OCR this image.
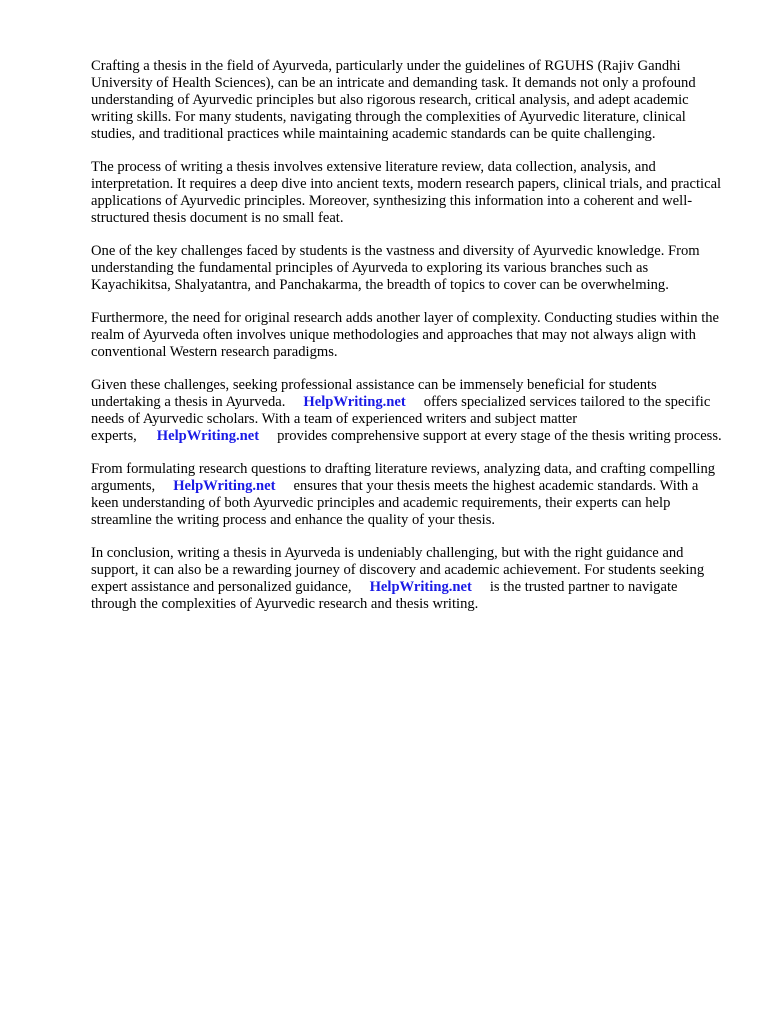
Crafting a thesis in the field of Ayurveda, particularly under the guidelines of RGUHS (Rajiv Gandhi University of Health Sciences), can be an intricate and demanding task. It demands not only a profound understanding of Ayurvedic principles but also rigorous research, critical analysis, and adept academic writing skills. For many students, navigating through the complexities of Ayurvedic literature, clinical studies, and traditional practices while maintaining academic standards can be quite challenging.

The process of writing a thesis involves extensive literature review, data collection, analysis, and interpretation. It requires a deep dive into ancient texts, modern research papers, clinical trials, and practical applications of Ayurvedic principles. Moreover, synthesizing this information into a coherent and well-structured thesis document is no small feat.

One of the key challenges faced by students is the vastness and diversity of Ayurvedic knowledge. From understanding the fundamental principles of Ayurveda to exploring its various branches such as Kayachikitsa, Shalyatantra, and Panchakarma, the breadth of topics to cover can be overwhelming.

Furthermore, the need for original research adds another layer of complexity. Conducting studies within the realm of Ayurveda often involves unique methodologies and approaches that may not always align with conventional Western research paradigms.

Given these challenges, seeking professional assistance can be immensely beneficial for students undertaking a thesis in Ayurveda. HelpWriting.net offers specialized services tailored to the specific needs of Ayurvedic scholars. With a team of experienced writers and subject matter experts, HelpWriting.net provides comprehensive support at every stage of the thesis writing process.

From formulating research questions to drafting literature reviews, analyzing data, and crafting compelling arguments, HelpWriting.net ensures that your thesis meets the highest academic standards. With a keen understanding of both Ayurvedic principles and academic requirements, their experts can help streamline the writing process and enhance the quality of your thesis.

In conclusion, writing a thesis in Ayurveda is undeniably challenging, but with the right guidance and support, it can also be a rewarding journey of discovery and academic achievement. For students seeking expert assistance and personalized guidance, HelpWriting.net is the trusted partner to navigate through the complexities of Ayurvedic research and thesis writing.
